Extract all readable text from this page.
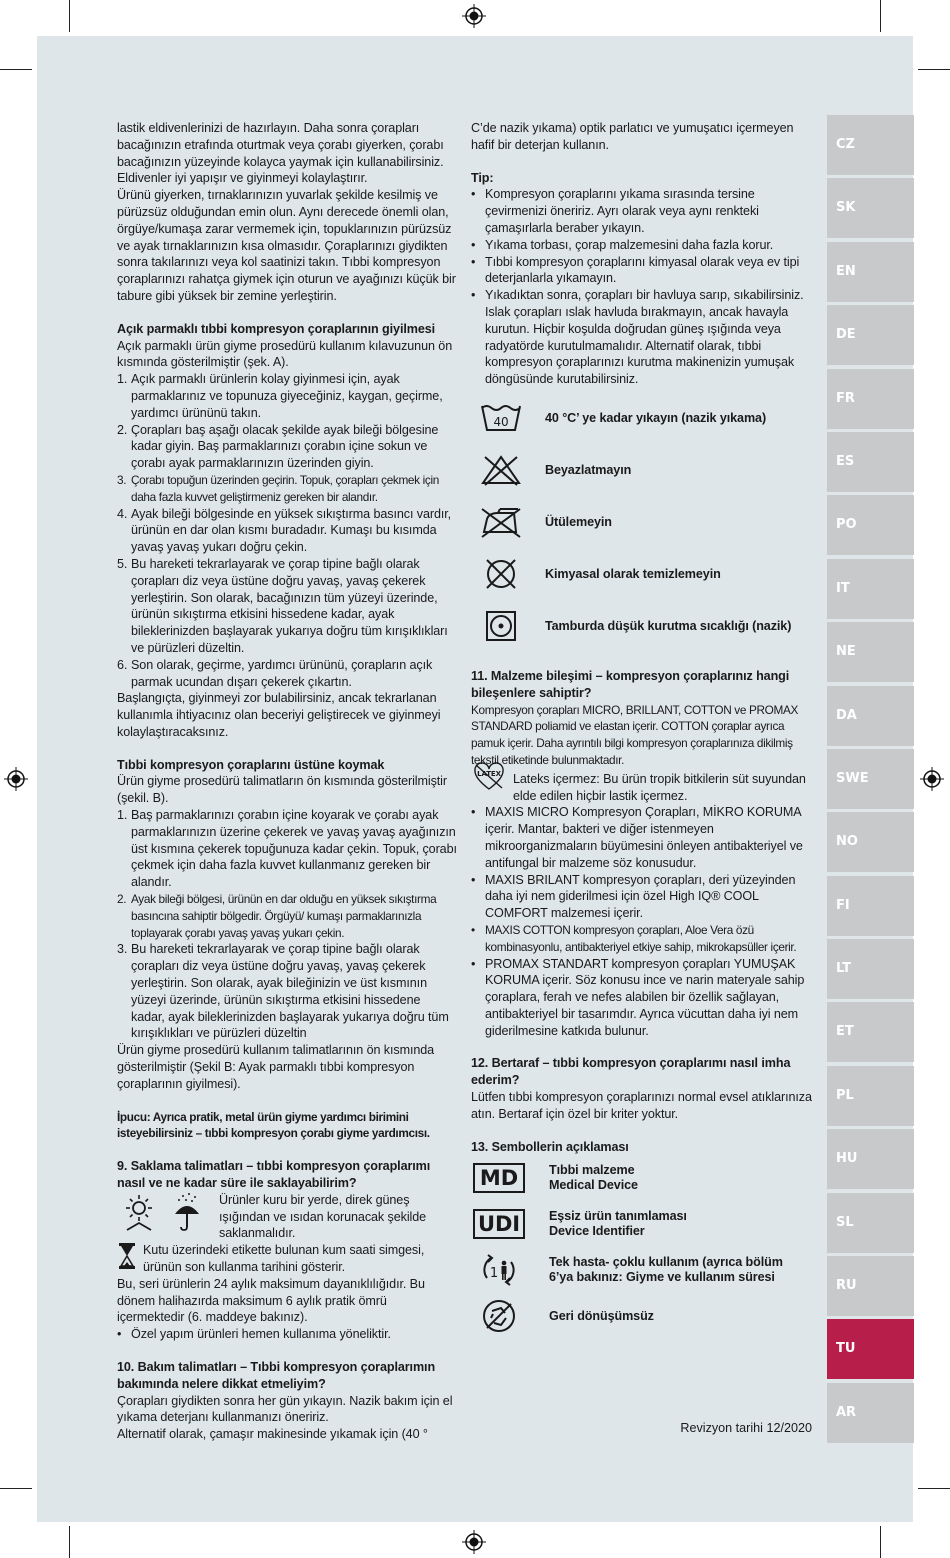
lastik eldivenlerinizi de hazırlayın. Daha sonra çorapları bacağınızın etrafında oturtmak veya çorabı giyerken, çorabı bacağınızın yüzeyinde kolayca yaymak için kullanabilirsiniz. Eldivenler iyi yapışır ve giyinmeyi kolaylaştırır.

Ürünü giyerken, tırnaklarınızın yuvarlak şekilde kesilmiş ve pürüzsüz olduğundan emin olun. Aynı derecede önemli olan, örgüye/kumaşa zarar vermemek için, topuklarınızın pürüzsüz ve ayak tırnaklarınızın kısa olmasıdır. Çoraplarınızı giydikten sonra takılarınızı veya kol saatinizi takın. Tıbbi kompresyon çoraplarınızı rahatça giymek için oturun ve ayağınızı küçük bir tabure gibi yüksek bir zemine yerleştirin.

Açık parmaklı tıbbi kompresyon çoraplarının giyilmesi

Açık parmaklı ürün giyme prosedürü kullanım kılavuzunun ön kısmında gösterilmiştir (şek. A).

1. Açık parmaklı ürünlerin kolay giyinmesi için, ayak parmaklarınız ve topunuza giyeceğiniz, kaygan, geçirme, yardımcı ürününü takın.
2. Çorapları baş aşağı olacak şekilde ayak bileği bölgesine kadar giyin. Baş parmaklarınızı çorabın içine sokun ve çorabı ayak parmaklarınızın üzerinden giyin.
3. Çorabı topuğun üzerinden geçirin. Topuk, çorapları çekmek için daha fazla kuvvet geliştirmeniz gereken bir alandır.
4. Ayak bileği bölgesinde en yüksek sıkıştırma basıncı vardır, ürünün en dar olan kısmı buradadır. Kumaşı bu kısımda yavaş yavaş yukarı doğru çekin.
5. Bu hareketi tekrarlayarak ve çorap tipine bağlı olarak çorapları diz veya üstüne doğru yavaş, yavaş çekerek yerleştirin. Son olarak, bacağınızın tüm yüzeyi üzerinde, ürünün sıkıştırma etkisini hissedene kadar, ayak bileklerinizden başlayarak yukarıya doğru tüm kırışıklıkları ve pürüzleri düzeltin.
6. Son olarak, geçirme, yardımcı ürününü, çorapların açık parmak ucundan dışarı çekerek çıkartın.

Başlangıçta, giyinmeyi zor bulabilirsiniz, ancak tekrarlanan kullanımla ihtiyacınız olan beceriyi geliştirecek ve giyinmeyi kolaylaştıracaksınız.

Tıbbi kompresyon çoraplarını üstüne koymak

Ürün giyme prosedürü talimatların ön kısmında gösterilmiştir (şekil. B).

1. Baş parmaklarınızı çorabın içine koyarak ve çorabı ayak parmaklarınızın üzerine çekerek ve yavaş yavaş ayağınızın üst kısmına çekerek topuğunuza kadar çekin. Topuk, çorabı çekmek için daha fazla kuvvet kullanmanız gereken bir alandır.
2. Ayak bileği bölgesi, ürünün en dar olduğu en yüksek sıkıştırma basıncına sahiptir bölgedir. Örgüyü/ kumaşı parmaklarınızla toplayarak çorabı yavaş yavaş yukarı çekin.
3. Bu hareketi tekrarlayarak ve çorap tipine bağlı olarak çorapları diz veya üstüne doğru yavaş, yavaş çekerek yerleştirin. Son olarak, ayak bileğinizin ve üst kısmının yüzeyi üzerinde, ürünün sıkıştırma etkisini hissedene kadar, ayak bileklerinizden başlayarak yukarıya doğru tüm kırışıklıkları ve pürüzleri düzeltin

Ürün giyme prosedürü kullanım talimatlarının ön kısmında gösterilmiştir (Şekil B: Ayak parmaklı tıbbi kompresyon çoraplarının giyilmesi).

İpucu: Ayrıca pratik, metal ürün giyme yardımcı birimini isteyebilirsiniz – tıbbi kompresyon çorabı giyme yardımcısı.

9. Saklama talimatları – tıbbi kompresyon çoraplarımı nasıl ve ne kadar süre ile saklayabilirim?

Ürünler kuru bir yerde, direk güneş ışığından ve ısıdan korunacak şekilde saklanmalıdır.
Kutu üzerindeki etikette bulunan kum saati simgesi, ürünün son kullanma tarihini gösterir.

Bu, seri ürünlerin 24 aylık maksimum dayanıklılığıdır. Bu dönem halihazırda maksimum 6 aylık pratik ömrü içermektedir (6. maddeye bakınız).

• Özel yapım ürünleri hemen kullanıma yöneliktir.

10. Bakım talimatları – Tıbbi kompresyon çoraplarımın bakımında nelere dikkat etmeliyim?

Çorapları giydikten sonra her gün yıkayın. Nazik bakım için el yıkama deterjanı kullanmanızı öneririz.

Alternatif olarak, çamaşır makinesinde yıkamak için (40 °

C’de nazik yıkama) optik parlatıcı ve yumuşatıcı içermeyen hafif bir deterjan kullanın.

Tip:

• Kompresyon çoraplarını yıkama sırasında tersine çevirmenizi öneririz. Ayrı olarak veya aynı renkteki çamaşırlarla beraber yıkayın.
• Yıkama torbası, çorap malzemesini daha fazla korur.
• Tıbbi kompresyon çoraplarını kimyasal olarak veya ev tipi deterjanlarla yıkamayın.
• Yıkadıktan sonra, çorapları bir havluya sarıp, sıkabilirsiniz. Islak çorapları ıslak havluda bırakmayın, ancak havayla kurutun. Hiçbir koşulda doğrudan güneş ışığında veya radyatörde kurutulmamalıdır. Alternatif olarak, tıbbi kompresyon çoraplarınızı kurutma makinenizin yumuşak döngüsünde kurutabilirsiniz.
40	40 °C’ ye kadar yıkayın (nazik yıkama)
Beyazlatmayın
Ütülemeyin
Kimyasal olarak temizlemeyin
Tamburda düşük kurutma sıcaklığı (nazik)

11. Malzeme bileşimi – kompresyon çoraplarınız hangi bileşenlere sahiptir?

Kompresyon çorapları MICRO, BRILLANT, COTTON ve PROMAX STANDARD poliamid ve elastan içerir. COTTON çoraplar ayrıca pamuk içerir. Daha ayrıntılı bilgi kompresyon çoraplarınıza dikilmiş tekstil etiketinde bulunmaktadır.

LATEX Lateks içermez: Bu ürün tropik bitkilerin süt suyundan elde edilen hiçbir lastik içermez.
• MAXIS MICRO Kompresyon Çorapları, MİKRO KORUMA içerir. Mantar, bakteri ve diğer istenmeyen mikroorganizmaların büyümesini önleyen antibakteriyel ve antifungal bir malzeme söz konusudur.
• MAXIS BRILANT kompresyon çorapları, deri yüzeyinden daha iyi nem giderilmesi için özel High IQ® COOL COMFORT malzemesi içerir.
• MAXIS COTTON kompresyon çorapları, Aloe Vera özü kombinasyonlu, antibakteriyel etkiye sahip, mikrokapsüller içerir.
• PROMAX STANDART kompresyon çorapları YUMUŞAK KORUMA içerir. Söz konusu ince ve narin materyale sahip çoraplara, ferah ve nefes alabilen bir özellik sağlayan, antibakteriyel bir tasarımdır. Ayrıca vücuttan daha iyi nem giderilmesine katkıda bulunur.

12. Bertaraf – tıbbi kompresyon çoraplarımı nasıl imha ederim?

Lütfen tıbbi kompresyon çoraplarınızı normal evsel atıklarınıza atın. Bertaraf için özel bir kriter yoktur.

13. Sembollerin açıklaması

MD	Tıbbi malzeme
Medical Device
UDI	Eşsiz ürün tanımlaması
Device Identifier
1
Tek hasta- çoklu kullanım (ayrıca bölüm
6’ya bakınız: Giyme ve kullanım süresi
Geri dönüşümsüz
CZ
SK
EN
DE
FR
ES
PO
IT
NE
DA
SWE
NO
FI
LT
ET
PL
HU
SL
RU
TU
AR
Revizyon tarihi 12/2020
